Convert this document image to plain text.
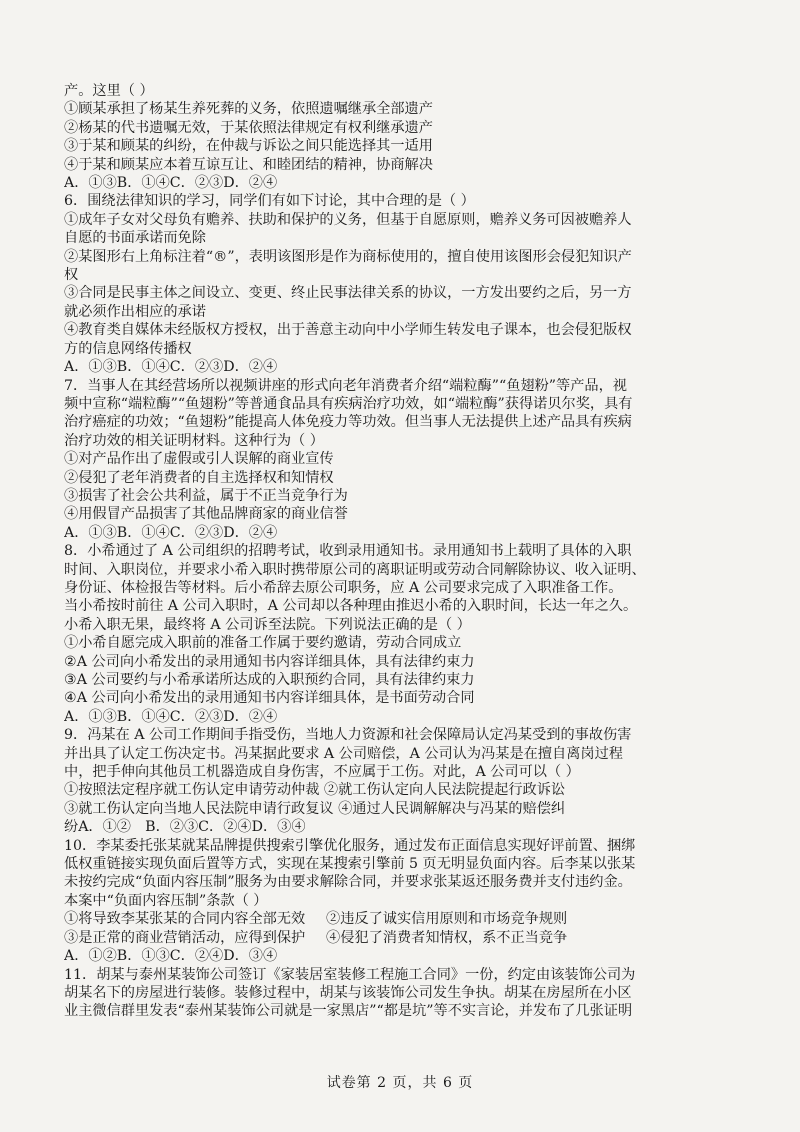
产。这里（ ）
①顾某承担了杨某生养死葬的义务，依照遗嘱继承全部遗产
②杨某的代书遗嘱无效，于某依照法律规定有权利继承遗产
③于某和顾某的纠纷，在仲裁与诉讼之间只能选择其一适用
④于某和顾某应本着互谅互让、和睦团结的精神，协商解决
A．①③B．①④C．②③D．②④
6．围绕法律知识的学习，同学们有如下讨论，其中合理的是（ ）
①成年子女对父母负有赡养、扶助和保护的义务，但基于自愿原则，赡养义务可因被赡养人
自愿的书面承诺而免除
②某图形右上角标注着“®”，表明该图形是作为商标使用的，擅自使用该图形会侵犯知识产
权
③合同是民事主体之间设立、变更、终止民事法律关系的协议，一方发出要约之后，另一方
就必须作出相应的承诺
④教育类自媒体未经版权方授权，出于善意主动向中小学师生转发电子课本，也会侵犯版权
方的信息网络传播权
A．①③B．①④C．②③D．②④
7．当事人在其经营场所以视频讲座的形式向老年消费者介绍“端粒酶”“鱼翅粉”等产品，视
频中宣称“端粒酶”“鱼翅粉”等普通食品具有疾病治疗功效，如“端粒酶”获得诺贝尔奖，具有
治疗癌症的功效；“鱼翅粉”能提高人体免疫力等功效。但当事人无法提供上述产品具有疾病
治疗功效的相关证明材料。这种行为（ ）
①对产品作出了虚假或引人误解的商业宣传
②侵犯了老年消费者的自主选择权和知情权
③损害了社会公共利益，属于不正当竞争行为
④用假冒产品损害了其他品牌商家的商业信誉
A．①③B．①④C．②③D．②④
8．小希通过了 A 公司组织的招聘考试，收到录用通知书。录用通知书上载明了具体的入职
时间、入职岗位，并要求小希入职时携带原公司的离职证明或劳动合同解除协议、收入证明、
身份证、体检报告等材料。后小希辞去原公司职务，应 A 公司要求完成了入职准备工作。
当小希按时前往 A 公司入职时，A 公司却以各种理由推迟小希的入职时间，长达一年之久。
小希入职无果，最终将 A 公司诉至法院。下列说法正确的是（ ）
①小希自愿完成入职前的准备工作属于要约邀请，劳动合同成立
②A 公司向小希发出的录用通知书内容详细具体，具有法律约束力
③A 公司要约与小希承诺所达成的入职预约合同，具有法律约束力
④A 公司向小希发出的录用通知书内容详细具体，是书面劳动合同
A．①③B．①④C．②③D．②④
9．冯某在 A 公司工作期间手指受伤，当地人力资源和社会保障局认定冯某受到的事故伤害
并出具了认定工伤决定书。冯某据此要求 A 公司赔偿，A 公司认为冯某是在擅自离岗过程
中，把手伸向其他员工机器造成自身伤害，不应属于工伤。对此，A 公司可以（ ）
①按照法定程序就工伤认定申请劳动仲裁 ②就工伤认定向人民法院提起行政诉讼
③就工伤认定向当地人民法院申请行政复议 ④通过人民调解解决与冯某的赔偿纠
纷A．①②　B．②③C．②④D．③④
10．李某委托张某就某品牌提供搜索引擎优化服务，通过发布正面信息实现好评前置、捆绑
低权重链接实现负面后置等方式，实现在某搜索引擎前 5 页无明显负面内容。后李某以张某
未按约完成“负面内容压制”服务为由要求解除合同，并要求张某返还服务费并支付违约金。
本案中“负面内容压制”条款（ ）
①将导致李某张某的合同内容全部无效	②违反了诚实信用原则和市场竞争规则
③是正常的商业营销活动，应得到保护	④侵犯了消费者知情权，系不正当竞争
A．①②B．①③C．②④D．③④
11．胡某与泰州某装饰公司签订《家装居室装修工程施工合同》一份，约定由该装饰公司为
胡某名下的房屋进行装修。装修过程中，胡某与该装饰公司发生争执。胡某在房屋所在小区
业主微信群里发表“泰州某装饰公司就是一家黑店”“都是坑”等不实言论，并发布了几张证明
试卷第 2 页，共 6 页
